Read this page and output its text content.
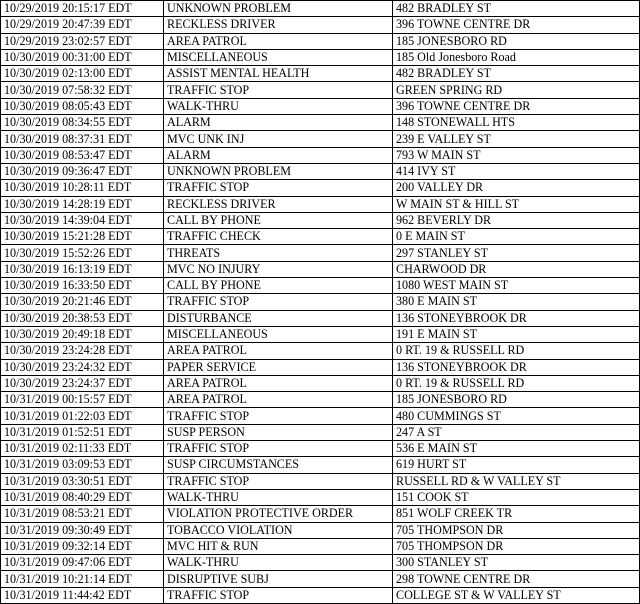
10/29/2019 20:15:17 EDT	UNKNOWN PROBLEM	482 BRADLEY ST
10/29/2019 20:47:39 EDT	RECKLESS DRIVER	396 TOWNE CENTRE DR
10/29/2019 23:02:57 EDT	AREA PATROL	185 JONESBORO RD
10/30/2019 00:31:00 EDT	MISCELLANEOUS	185 Old Jonesboro Road
10/30/2019 02:13:00 EDT	ASSIST MENTAL HEALTH	482 BRADLEY ST
10/30/2019 07:58:32 EDT	TRAFFIC STOP	GREEN SPRING RD
10/30/2019 08:05:43 EDT	WALK-THRU	396 TOWNE CENTRE DR
10/30/2019 08:34:55 EDT	ALARM	148 STONEWALL HTS
10/30/2019 08:37:31 EDT	MVC UNK INJ	239 E VALLEY ST
10/30/2019 08:53:47 EDT	ALARM	793 W MAIN ST
10/30/2019 09:36:47 EDT	UNKNOWN PROBLEM	414 IVY ST
10/30/2019 10:28:11 EDT	TRAFFIC STOP	200 VALLEY DR
10/30/2019 14:28:19 EDT	RECKLESS DRIVER	W MAIN ST & HILL ST
10/30/2019 14:39:04 EDT	CALL BY PHONE	962 BEVERLY DR
10/30/2019 15:21:28 EDT	TRAFFIC CHECK	0 E MAIN ST
10/30/2019 15:52:26 EDT	THREATS	297 STANLEY ST
10/30/2019 16:13:19 EDT	MVC NO INJURY	CHARWOOD DR
10/30/2019 16:33:50 EDT	CALL BY PHONE	1080 WEST MAIN ST
10/30/2019 20:21:46 EDT	TRAFFIC STOP	380 E MAIN ST
10/30/2019 20:38:53 EDT	DISTURBANCE	136 STONEYBROOK DR
10/30/2019 20:49:18 EDT	MISCELLANEOUS	191 E MAIN ST
10/30/2019 23:24:28 EDT	AREA PATROL	0 RT. 19 & RUSSELL RD
10/30/2019 23:24:32 EDT	PAPER SERVICE	136 STONEYBROOK DR
10/30/2019 23:24:37 EDT	AREA PATROL	0 RT. 19 & RUSSELL RD
10/31/2019 00:15:57 EDT	AREA PATROL	185 JONESBORO RD
10/31/2019 01:22:03 EDT	TRAFFIC STOP	480 CUMMINGS ST
10/31/2019 01:52:51 EDT	SUSP PERSON	247 A ST
10/31/2019 02:11:33 EDT	TRAFFIC STOP	536 E MAIN ST
10/31/2019 03:09:53 EDT	SUSP CIRCUMSTANCES	619 HURT ST
10/31/2019 03:30:51 EDT	TRAFFIC STOP	RUSSELL RD & W VALLEY ST
10/31/2019 08:40:29 EDT	WALK-THRU	151 COOK ST
10/31/2019 08:53:21 EDT	VIOLATION PROTECTIVE ORDER	851 WOLF CREEK TR
10/31/2019 09:30:49 EDT	TOBACCO VIOLATION	705 THOMPSON DR
10/31/2019 09:32:14 EDT	MVC HIT & RUN	705 THOMPSON DR
10/31/2019 09:47:06 EDT	WALK-THRU	300 STANLEY ST
10/31/2019 10:21:14 EDT	DISRUPTIVE SUBJ	298 TOWNE CENTRE DR
10/31/2019 11:44:42 EDT	TRAFFIC STOP	COLLEGE ST & W VALLEY ST
